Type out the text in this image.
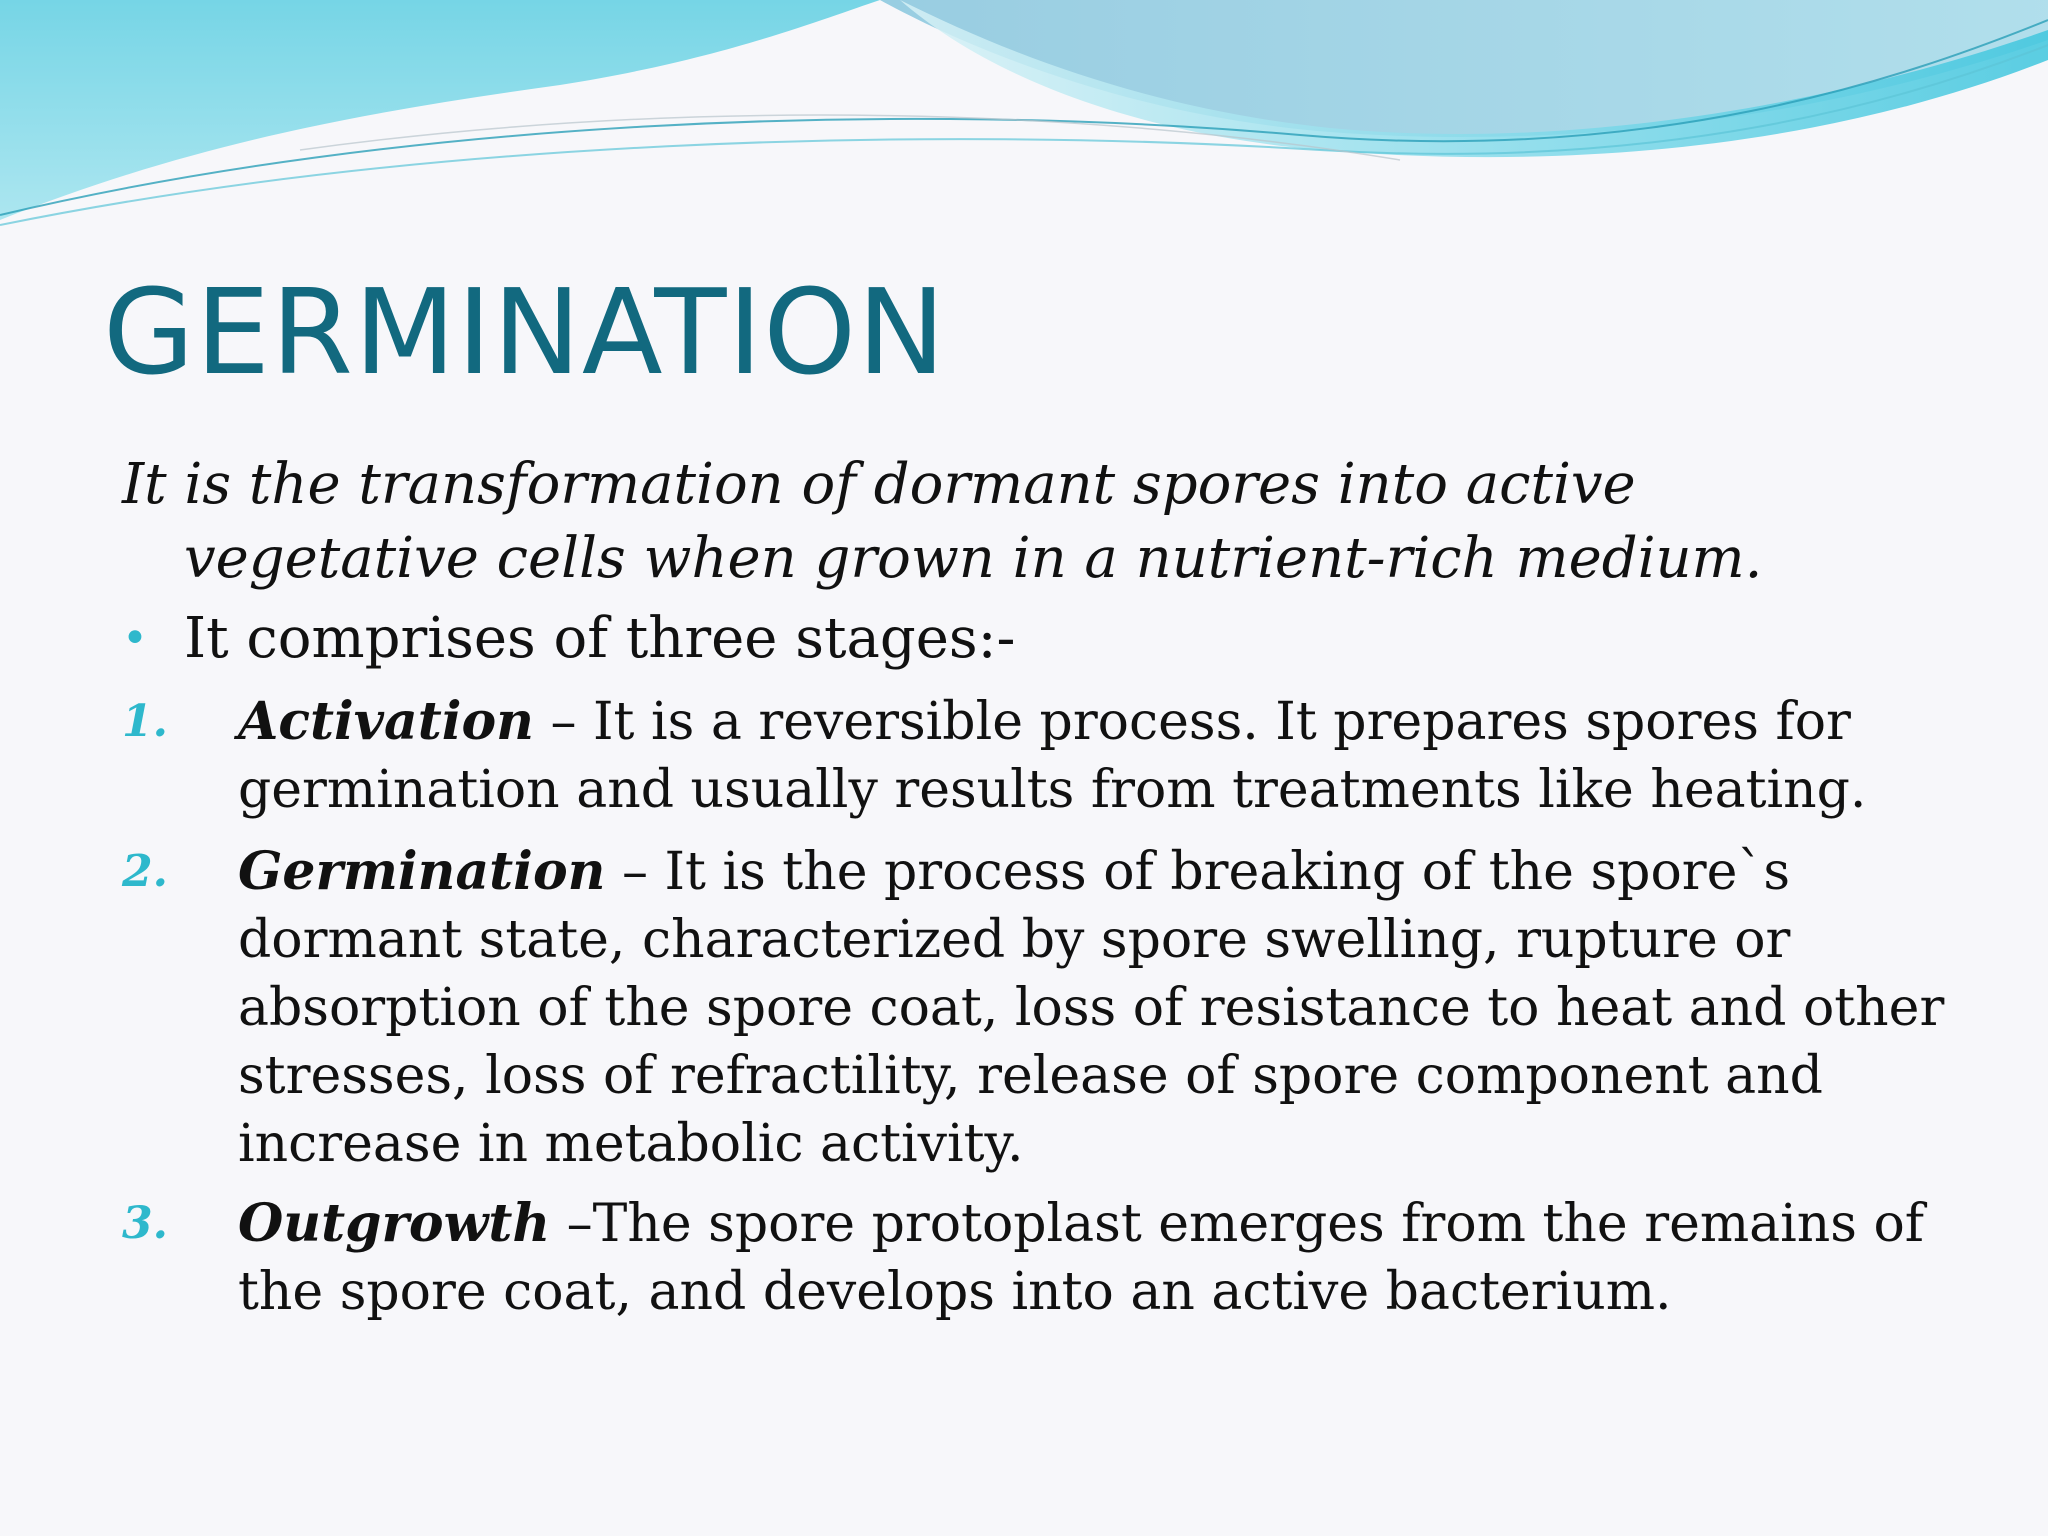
GERMINATION

It is the transformation of dormant spores into active
vegetative cells when grown in a nutrient-rich medium.

• It comprises of three stages:-
1. Activation – It is a reversible process. It prepares spores for germination and usually results from treatments like heating.
2. Germination – It is the process of breaking of the spore`s dormant state, characterized by spore swelling, rupture or absorption of the spore coat, loss of resistance to heat and other stresses, loss of refractility, release of spore component and increase in metabolic activity.
3. Outgrowth –The spore protoplast emerges from the remains of the spore coat, and develops into an active bacterium.
